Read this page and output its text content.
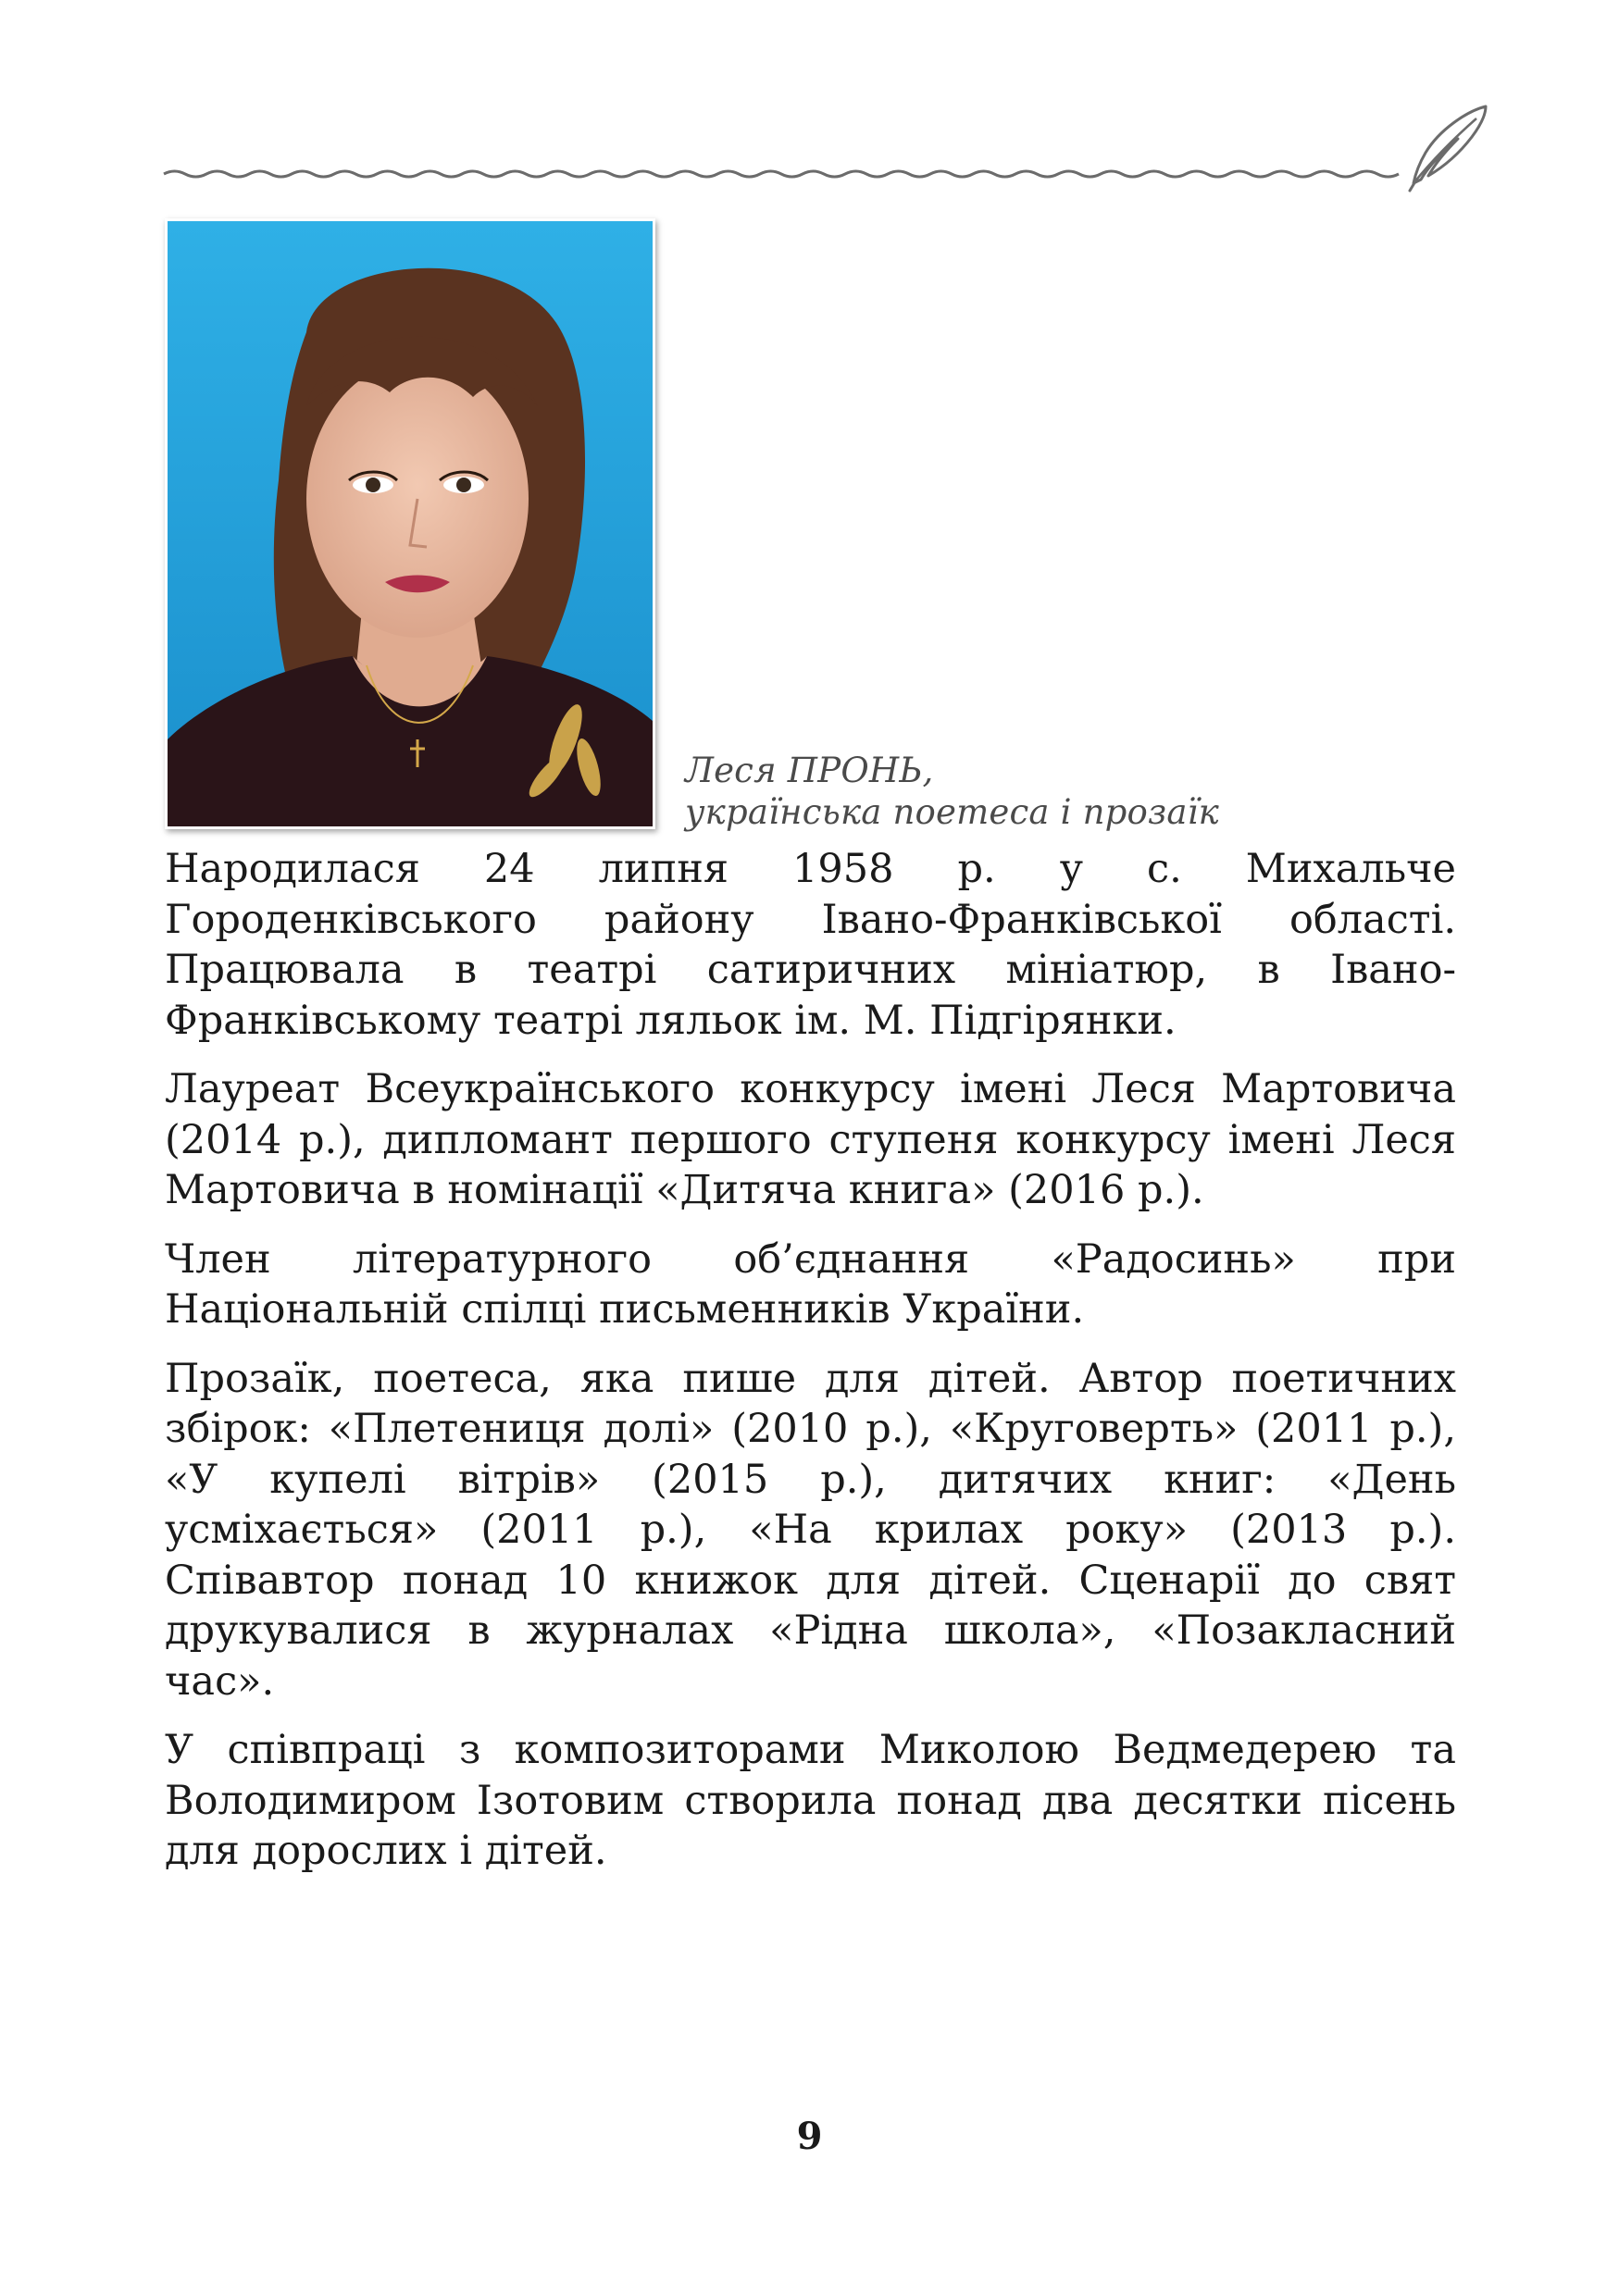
Леся ПРОНЬ,
українська поетеса і прозаїк

Народилася 24 липня 1958 р. у с. Михальче Городенківського району Івано-Франківської області. Працювала в театрі сатиричних мініатюр, в Івано-Франківському театрі ляльок ім. М. Підгірянки.

Лауреат Всеукраїнського конкурсу імені Леся Мартовича (2014 р.), дипломант першого ступеня конкурсу імені Леся Мартовича в номінації «Дитяча книга» (2016 р.).

Член літературного об’єднання «Радосинь» при Національній спілці письменників України.

Прозаїк, поетеса, яка пише для дітей. Автор поетичних збірок: «Плетениця долі» (2010 р.), «Круговерть» (2011 р.), «У купелі вітрів» (2015 р.), дитячих книг: «День усміхається» (2011 р.), «На крилах року» (2013 р.). Співавтор понад 10 книжок для дітей. Сценарії до свят друкувалися в журналах «Рідна школа», «Позакласний час».

У співпраці з композиторами Миколою Ведмедерею та Володимиром Ізотовим створила понад два десятки пісень для дорослих і дітей.

9
